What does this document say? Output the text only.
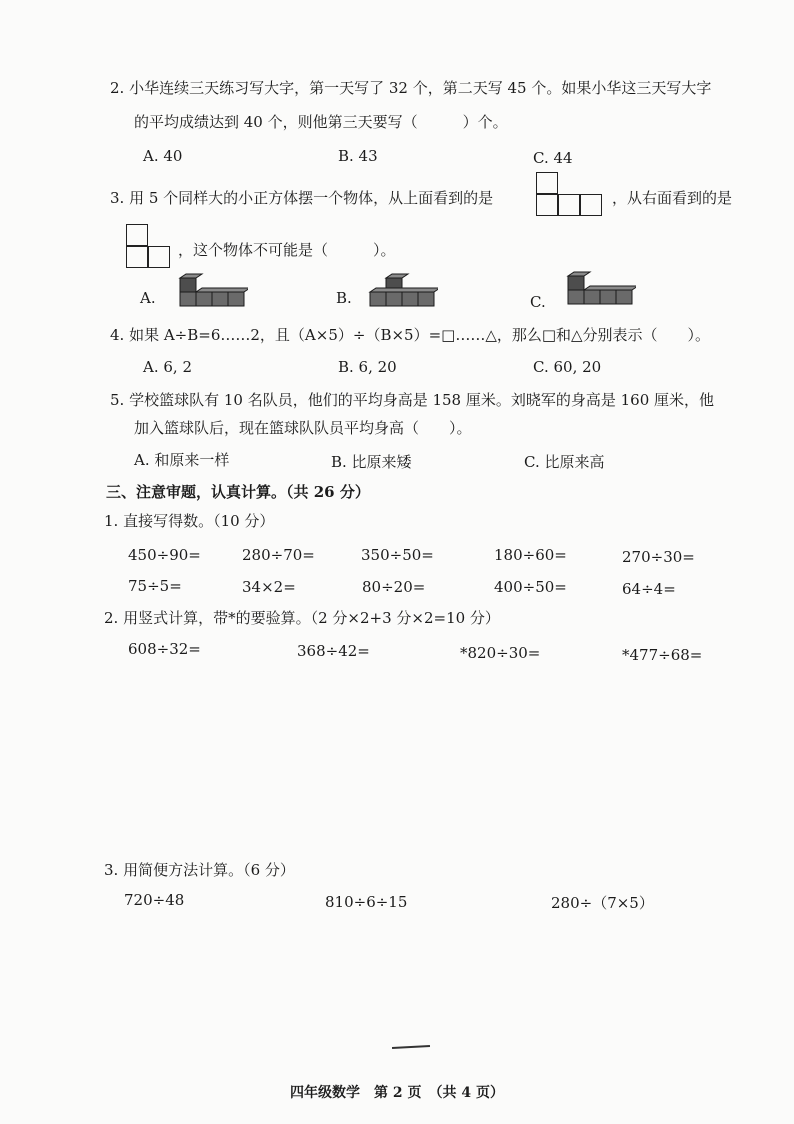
2. 小华连续三天练习写大字，第一天写了 32 个，第二天写 45 个。如果小华这三天写大字
的平均成绩达到 40 个，则他第三天要写（　　　）个。
A. 40	B. 43	C. 44
3. 用 5 个同样大的小正方体摆一个物体，从上面看到的是	，从右面看到的是
，这个物体不可能是（　　　）。
A.	B.	C.
4. 如果 A÷B=6……2，且（A×5）÷（B×5）=□……△，那么□和△分别表示（　　）。
A. 6, 2	B. 6, 20	C. 60, 20
5. 学校篮球队有 10 名队员，他们的平均身高是 158 厘米。刘晓军的身高是 160 厘米，他
加入篮球队后，现在篮球队队员平均身高（　　）。
A. 和原来一样	B. 比原来矮	C. 比原来高
三、注意审题，认真计算。（共 26 分）
1. 直接写得数。（10 分）
450÷90=	280÷70=	350÷50=	180÷60=	270÷30=
75÷5=	34×2=	80÷20=	400÷50=	64÷4=
2. 用竖式计算，带*的要验算。（2 分×2+3 分×2=10 分）
608÷32=	368÷42=	*820÷30=	*477÷68=
3. 用简便方法计算。（6 分）
720÷48	810÷6÷15	280÷（7×5）
四年级数学　第 2 页　（共 4 页）
